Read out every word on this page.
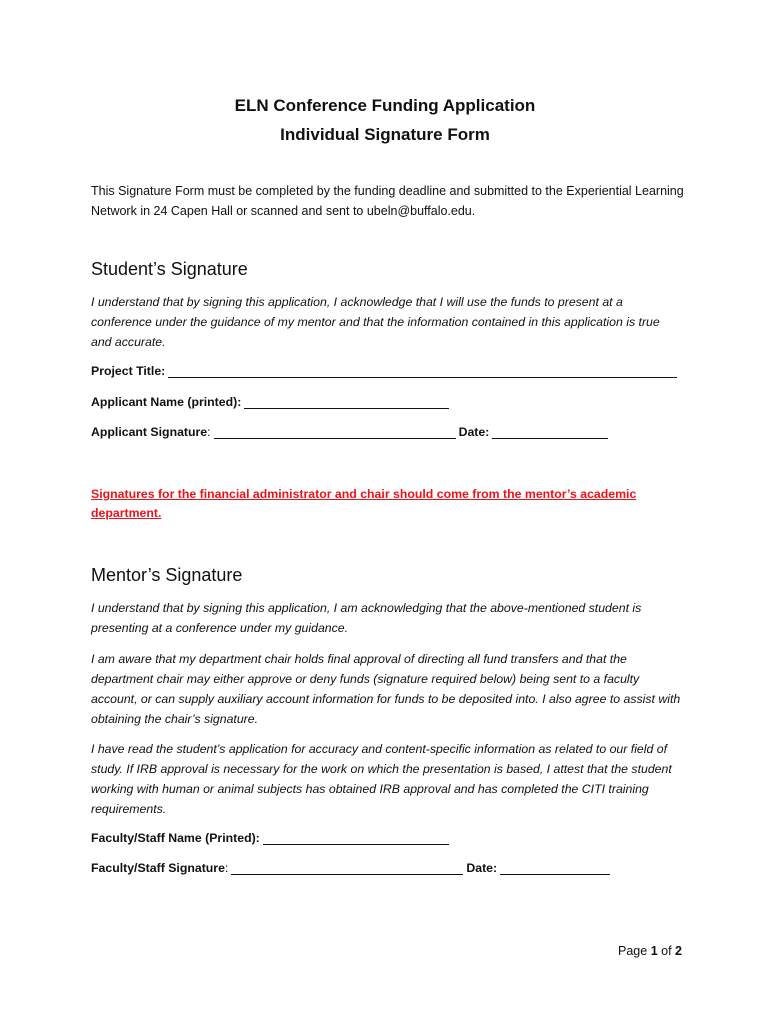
ELN Conference Funding Application
Individual Signature Form

This Signature Form must be completed by the funding deadline and submitted to the Experiential Learning Network in 24 Capen Hall or scanned and sent to ubeln@buffalo.edu.

Student’s Signature

I understand that by signing this application, I acknowledge that I will use the funds to present at a conference under the guidance of my mentor and that the information contained in this application is true and accurate.

Project Title:
Applicant Name (printed):
Applicant Signature :	Date:
Signatures for the financial administrator and chair should come from the mentor’s academic department.
Mentor’s Signature

I understand that by signing this application, I am acknowledging that the above-mentioned student is presenting at a conference under my guidance.

I am aware that my department chair holds final approval of directing all fund transfers and that the department chair may either approve or deny funds (signature required below) being sent to a faculty account, or can supply auxiliary account information for funds to be deposited into. I also agree to assist with obtaining the chair’s signature.

I have read the student’s application for accuracy and content-specific information as related to our field of study. If IRB approval is necessary for the work on which the presentation is based, I attest that the student working with human or animal subjects has obtained IRB approval and has completed the CITI training requirements.

Faculty/Staff Name (Printed):
Faculty/Staff Signature :	Date:
Page 1 of 2
